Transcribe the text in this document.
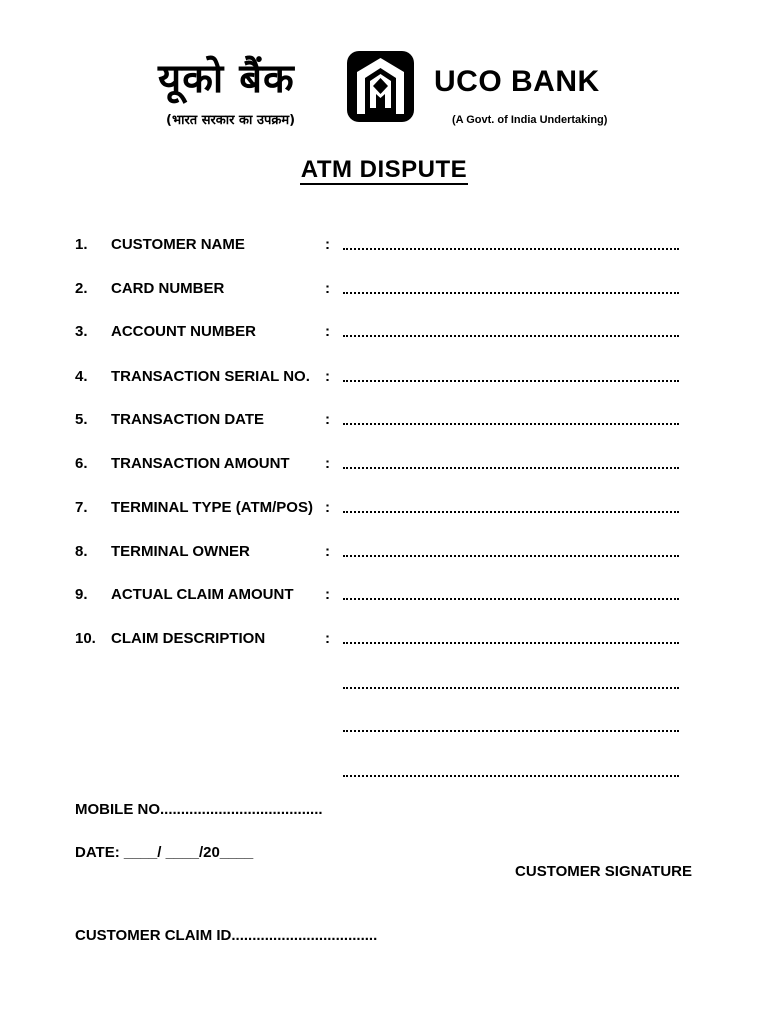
यूको बैंक
(भारत सरकार का उपक्रम)
UCO BANK
(A Govt. of India Undertaking)
ATM DISPUTE
1. CUSTOMER NAME	:
2. CARD NUMBER	:
3. ACCOUNT NUMBER	:
4. TRANSACTION SERIAL NO. :
5. TRANSACTION DATE	:
6. TRANSACTION AMOUNT :
7. TERMINAL TYPE (ATM/POS) :
8. TERMINAL OWNER	:
9. ACTUAL CLAIM AMOUNT :
10. CLAIM DESCRIPTION	:
MOBILE NO.......................................
DATE: ____/ ____/20____
CUSTOMER SIGNATURE
CUSTOMER CLAIM ID...................................
